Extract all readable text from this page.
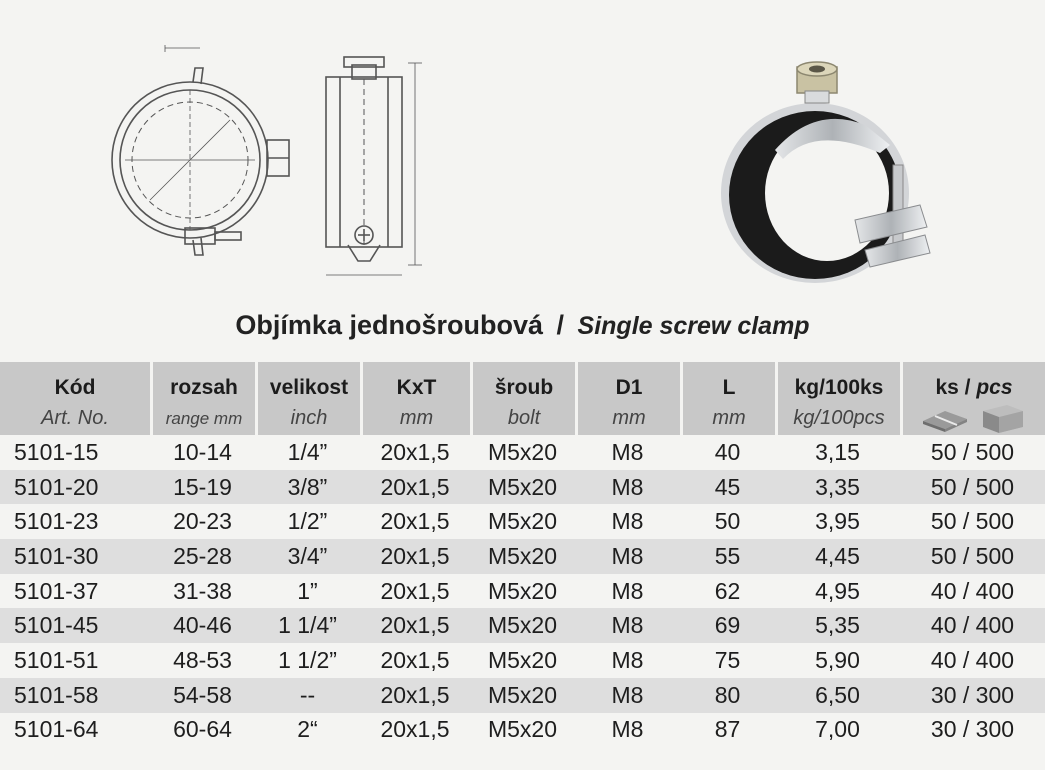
Objímka jednošroubová / Single screw clamp
Kód	rozsah	velikost	KxT	šroub	D1	L	kg/100ks	ks / pcs
Art. No.	range mm	inch	mm	bolt	mm	mm	kg/100pcs	
5101-15	10-14	1/4”	20x1,5	M5x20	M8	40	3,15	50 / 500
5101-20	15-19	3/8”	20x1,5	M5x20	M8	45	3,35	50 / 500
5101-23	20-23	1/2”	20x1,5	M5x20	M8	50	3,95	50 / 500
5101-30	25-28	3/4”	20x1,5	M5x20	M8	55	4,45	50 / 500
5101-37	31-38	1”	20x1,5	M5x20	M8	62	4,95	40 / 400
5101-45	40-46	1 1/4”	20x1,5	M5x20	M8	69	5,35	40 / 400
5101-51	48-53	1 1/2”	20x1,5	M5x20	M8	75	5,90	40 / 400
5101-58	54-58	--	20x1,5	M5x20	M8	80	6,50	30 / 300
5101-64	60-64	2“	20x1,5	M5x20	M8	87	7,00	30 / 300
